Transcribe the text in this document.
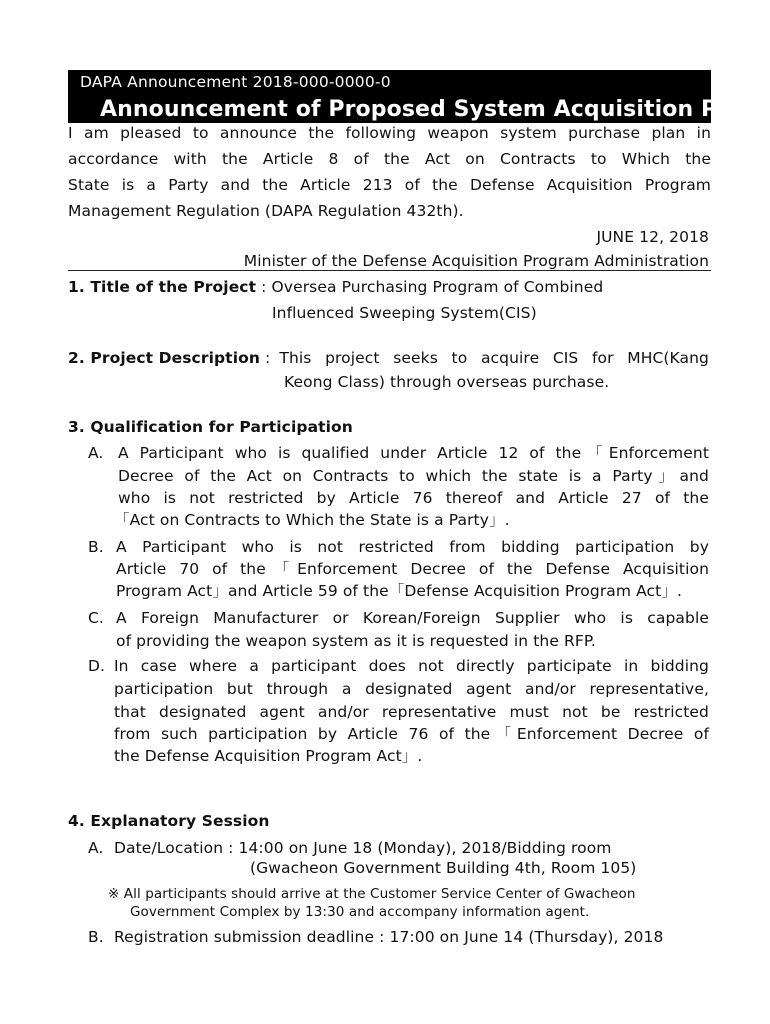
DAPA Announcement 2018-000-0000-0
Announcement of Proposed System Acquisition Plan
I am pleased to announce the following weapon system purchase plan in
accordance with the Article 8 of the Act on Contracts to Which the
State is a Party and the Article 213 of the Defense Acquisition Program
Management Regulation (DAPA Regulation 432th).
JUNE 12, 2018
Minister of the Defense Acquisition Program Administration
1. Title of the Project : Oversea Purchasing Program of Combined
Influenced Sweeping System(CIS)
2. Project Description : This project seeks to acquire CIS for MHC(Kang
Keong Class) through overseas purchase.
3. Qualification for Participation
A. A Participant who is qualified under Article 12 of the「Enforcement
Decree of the Act on Contracts to which the state is a Party」and
who is not restricted by Article 76 thereof and Article 27 of the
「Act on Contracts to Which the State is a Party」.
B. A Participant who is not restricted from bidding participation by
Article 70 of the「Enforcement Decree of the Defense Acquisition
Program Act」and Article 59 of the「Defense Acquisition Program Act」.
C. A Foreign Manufacturer or Korean/Foreign Supplier who is capable
of providing the weapon system as it is requested in the RFP.
D. In case where a participant does not directly participate in bidding
participation but through a designated agent and/or representative,
that designated agent and/or representative must not be restricted
from such participation by Article 76 of the「Enforcement Decree of
the Defense Acquisition Program Act」.
4. Explanatory Session
A. Date/Location : 14:00 on June 18 (Monday), 2018/Bidding room
(Gwacheon Government Building 4th, Room 105)
※ All participants should arrive at the Customer Service Center of Gwacheon
Government Complex by 13:30 and accompany information agent.
B. Registration submission deadline : 17:00 on June 14 (Thursday), 2018
